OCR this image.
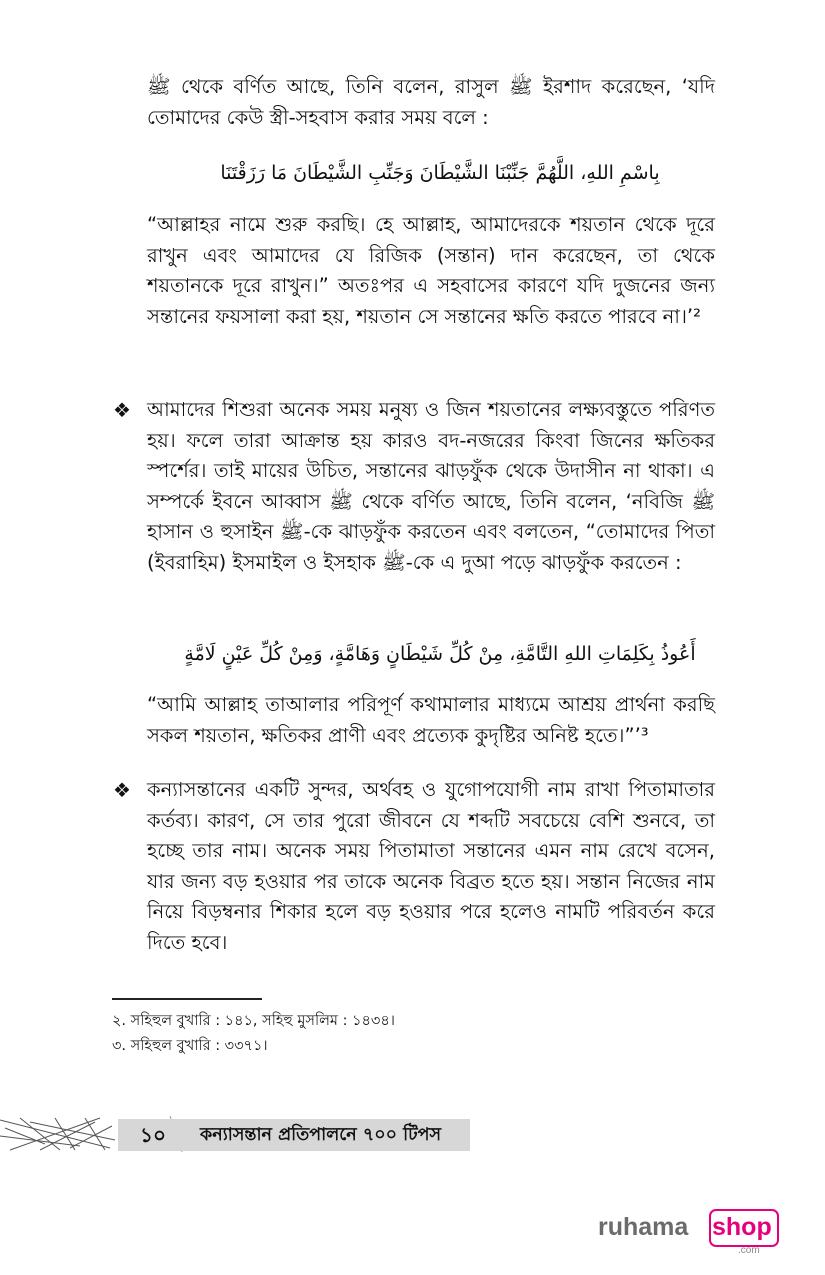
ﷺ থেকে বর্ণিত আছে, তিনি বলেন, রাসুল ﷺ ইরশাদ করেছেন, ‘যদি তোমাদের কেউ স্ত্রী-সহবাস করার সময় বলে :

بِاسْمِ اللهِ، اللَّهُمَّ جَنِّبْنَا الشَّيْطَانَ وَجَنِّبِ الشَّيْطَانَ مَا رَزَقْتَنَا

“আল্লাহর নামে শুরু করছি। হে আল্লাহ, আমাদেরকে শয়তান থেকে দূরে রাখুন এবং আমাদের যে রিজিক (সন্তান) দান করেছেন, তা থেকে শয়তানকে দূরে রাখুন।” অতঃপর এ সহবাসের কারণে যদি দুজনের জন্য সন্তানের ফয়সালা করা হয়, শয়তান সে সন্তানের ক্ষতি করতে পারবে না।’²

❖ আমাদের শিশুরা অনেক সময় মনুষ্য ও জিন শয়তানের লক্ষ্যবস্তুতে পরিণত হয়। ফলে তারা আক্রান্ত হয় কারও বদ-নজরের কিংবা জিনের ক্ষতিকর স্পর্শের। তাই মায়ের উচিত, সন্তানের ঝাড়ফুঁক থেকে উদাসীন না থাকা। এ সম্পর্কে ইবনে আব্বাস ﷺ থেকে বর্ণিত আছে, তিনি বলেন, ‘নবিজি ﷺ হাসান ও হুসাইন ﷺ-কে ঝাড়ফুঁক করতেন এবং বলতেন, “তোমাদের পিতা (ইবরাহিম) ইসমাইল ও ইসহাক ﷺ-কে এ দুআ পড়ে ঝাড়ফুঁক করতেন :

أَعُوذُ بِكَلِمَاتِ اللهِ التَّامَّةِ، مِنْ كُلِّ شَيْطَانٍ وَهَامَّةٍ، وَمِنْ كُلِّ عَيْنٍ لَامَّةٍ

“আমি আল্লাহ তাআলার পরিপূর্ণ কথামালার মাধ্যমে আশ্রয় প্রার্থনা করছি সকল শয়তান, ক্ষতিকর প্রাণী এবং প্রত্যেক কুদৃষ্টির অনিষ্ট হতে।”’³

❖ কন্যাসন্তানের একটি সুন্দর, অর্থবহ ও যুগোপযোগী নাম রাখা পিতামাতার কর্তব্য। কারণ, সে তার পুরো জীবনে যে শব্দটি সবচেয়ে বেশি শুনবে, তা হচ্ছে তার নাম। অনেক সময় পিতামাতা সন্তানের এমন নাম রেখে বসেন, যার জন্য বড় হওয়ার পর তাকে অনেক বিব্রত হতে হয়। সন্তান নিজের নাম নিয়ে বিড়ম্বনার শিকার হলে বড় হওয়ার পরে হলেও নামটি পরিবর্তন করে দিতে হবে।

২. সহিহুল বুখারি : ১৪১, সহিহু মুসলিম : ১৪৩৪।
৩. সহিহুল বুখারি : ৩৩৭১।
১০	কন্যাসন্তান প্রতিপালনে ৭০০ টিপস
ruhama shop
.com
